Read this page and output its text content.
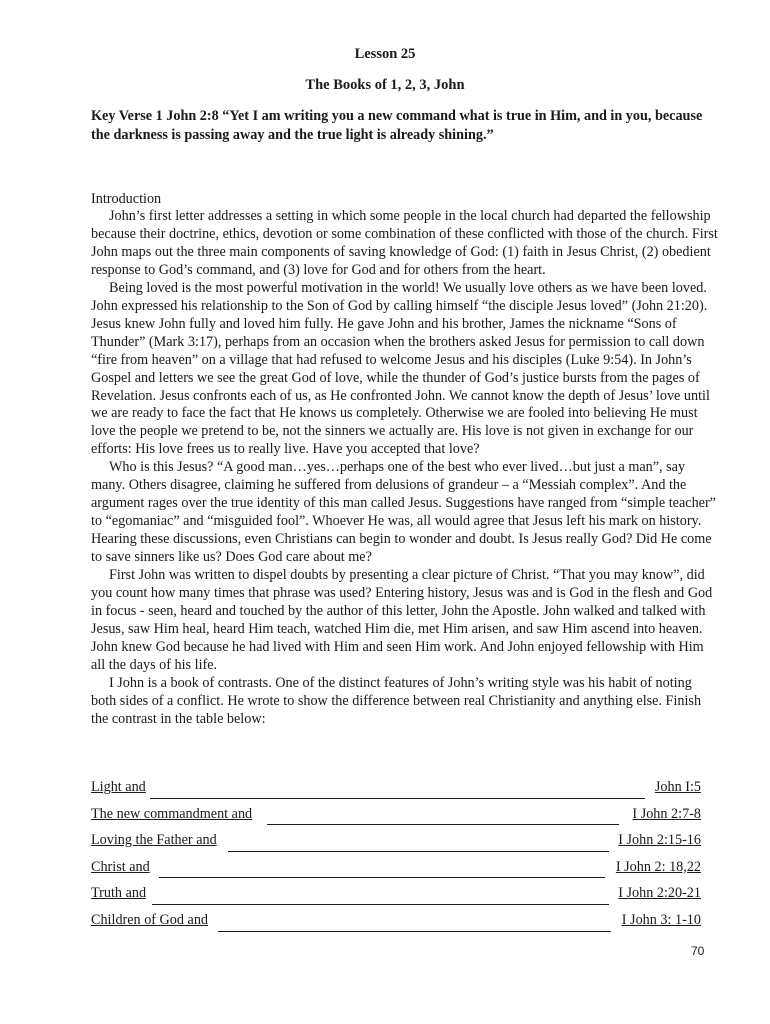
Lesson 25
The Books of 1, 2, 3, John
Key Verse 1 John 2:8 “Yet I am writing you a new command what is true in Him, and in you, because the darkness is passing away and the true light is already shining.”
Introduction

John’s first letter addresses a setting in which some people in the local church had departed the fellowship because their doctrine, ethics, devotion or some combination of these conflicted with those of the church. First John maps out the three main components of saving knowledge of God: (1) faith in Jesus Christ, (2) obedient response to God’s command, and (3) love for God and for others from the heart.

Being loved is the most powerful motivation in the world! We usually love others as we have been loved. John expressed his relationship to the Son of God by calling himself “the disciple Jesus loved” (John 21:20). Jesus knew John fully and loved him fully. He gave John and his brother, James the nickname “Sons of Thunder” (Mark 3:17), perhaps from an occasion when the brothers asked Jesus for permission to call down “fire from heaven” on a village that had refused to welcome Jesus and his disciples (Luke 9:54). In John’s Gospel and letters we see the great God of love, while the thunder of God’s justice bursts from the pages of Revelation. Jesus confronts each of us, as He confronted John. We cannot know the depth of Jesus’ love until we are ready to face the fact that He knows us completely. Otherwise we are fooled into believing He must love the people we pretend to be, not the sinners we actually are. His love is not given in exchange for our efforts: His love frees us to really live. Have you accepted that love?

Who is this Jesus? “A good man…yes…perhaps one of the best who ever lived…but just a man”, say many. Others disagree, claiming he suffered from delusions of grandeur – a “Messiah complex”. And the argument rages over the true identity of this man called Jesus. Suggestions have ranged from “simple teacher” to “egomaniac” and “misguided fool”. Whoever He was, all would agree that Jesus left his mark on history. Hearing these discussions, even Christians can begin to wonder and doubt. Is Jesus really God? Did He come to save sinners like us? Does God care about me?

First John was written to dispel doubts by presenting a clear picture of Christ. “That you may know”, did you count how many times that phrase was used? Entering history, Jesus was and is God in the flesh and God in focus - seen, heard and touched by the author of this letter, John the Apostle. John walked and talked with Jesus, saw Him heal, heard Him teach, watched Him die, met Him arisen, and saw Him ascend into heaven. John knew God because he had lived with Him and seen Him work. And John enjoyed fellowship with Him all the days of his life.

I John is a book of contrasts. One of the distinct features of John’s writing style was his habit of noting both sides of a conflict. He wrote to show the difference between real Christianity and anything else. Finish the contrast in the table below:

Light and	John I:5
The new commandment and	I John 2:7-8
Loving the Father and	I John 2:15-16
Christ and	I John 2: 18,22
Truth and	I John 2:20-21
Children of God and	I John 3: 1-10
70
